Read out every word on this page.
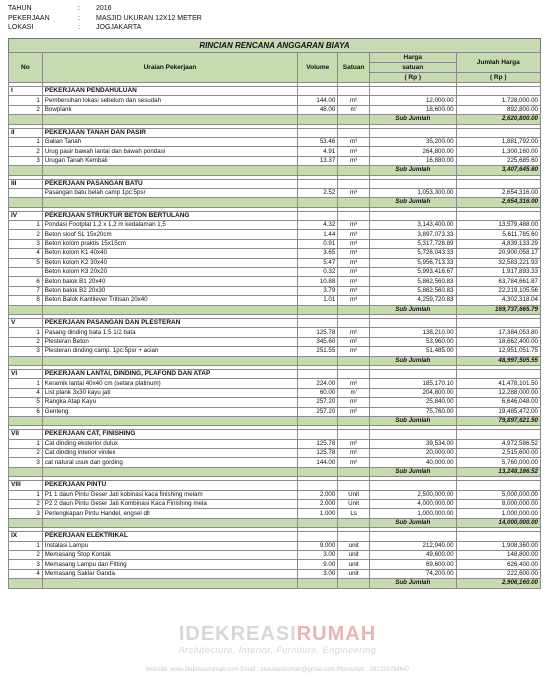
TAHUN	:	2016
PEKERJAAN	:	MASJID UKURAN 12X12 METER
LOKASI	:	JOGJAKARTA
RINCIAN RENCANA ANGGARAN BIAYA
No	Uraian Pekerjaan	Volume	Satuan	Harga	Jumlah Harga
				satuan	
				( Rp )	( Rp )

I	PEKERJAAN PENDAHULUAN				
1	Pembersihan lokasi sebelum dan sesudah	144.00	m²	12,000.00	1,728,000.00
2	Bowplank	48.00	m'	18,600.00	892,800.00
				Sub Jumlah	2,620,800.00

II	PEKERJAAN TANAH DAN PASIR				
1	Galian Tanah	53.46	m³	35,200.00	1,881,792.00
2	Urug pasir bawah lantai dan bawah pondasi	4.91	m³	264,800.00	1,300,160.00
3	Urugan Tanah Kembali	13.37	m³	16,880.00	225,685.60
				Sub Jumlah	3,407,645.60

III	PEKERJAAN PASANGAN BATU				
	Pasangan batu belah camp 1pc:5psr	2.52	m³	1,053,300.00	2,654,316.00
				Sub Jumlah	2,654,316.00

IV	PEKERJAAN STRUKTUR BETON BERTULANG				
1	Pondasi Footplat 1,2 x 1,2 m kedalaman 1,5	4.32	m³	3,143,400.00	13,579,488.00
2	Beton sloof SL 15x20cm	1.44	m³	3,897,073.33	5,611,785.60
3	Beton kolom praktis 15x15cm	0.91	m³	5,317,728.89	4,839,133.29
4	Beton kolom K1 40x40	3.65	m³	5,726,043.33	20,900,058.17
5	Beton kolom K2 30x40	5.47	m³	5,956,713.33	32,583,221.93
	Beton kolom K3 20x20	0.32	m³	5,993,416.67	1,917,893.33
6	Beton balok B1 20x40	10.88	m³	5,862,560.83	63,784,661.87
7	Beton balok B2 20x30	3.79	m³	5,862,560.83	22,219,105.56
8	Beton Balok Kantilever Tritisan 20x40	1.01	m³	4,259,720.83	4,302,318.04
				Sub Jumlah	169,737,665.79

V	PEKERJAAN PASANGAN DAN PLESTERAN				
1	Pasang dinding bata 1:5 1/2 bata	125.78	m²	138,210.00	17,384,053.80
2	Plesteran Beton	345.60	m²	53,960.00	18,662,400.00
3	Plesteran dinding camp. 1pc:5psr + acian	251.55	m²	51,485.00	12,951,051.75
				Sub Jumlah	48,997,505.55

VI	PEKERJAAN LANTAI, DINDING, PLAFOND DAN ATAP				
1	Keramik lantai 40x40 cm (setara platinum)	224.00	m²	185,170.10	41,478,101.50
4	List plank 3x30 kayu jati	60.00	m'	204,800.00	12,288,000.00
5	Rangka Atap Kayu	257.20	m²	25,840.00	6,646,048.00
6	Genteng	257.20	m²	75,760.00	19,485,472.00
				Sub Jumlah	79,897,621.50

VII	PEKERJAAN CAT, FINISHING				
1	Cat dinding eksterior dulux	125.78	m²	39,534.00	4,972,586.52
2	Cat dinding interior vinilex	125.78	m²	20,000.00	2,515,600.00
3	cat natural usuk dan gording	144.00	m²	40,000.00	5,760,000.00
				Sub Jumlah	13,248,186.52

VIII	PEKERJAAN PINTU				
1	P1 1 daun Pintu Geser Jati kobinasi kaca finishing melam	2.000	Unit	2,500,000.00	5,000,000.00
2	P2 2 daun Pintu Geser Jati Kombinasi Kaca Finishing mela	2.000	Unit	4,000,000.00	8,000,000.00
3	Perlengkapan Pintu Handel, engsel dll	1.000	Ls	1,000,000.00	1,000,000.00
				Sub Jumlah	14,000,000.00

IX	PEKERJAAN ELEKTRIKAL				
1	Instalasi Lampu	9.000	unit	212,040.00	1,908,360.00
2	Memasang Stop Kontak	3.00	unit	49,600.00	148,800.00
3	Memasang Lampu dan Fitting	9.00	unit	69,600.00	626,400.00
4	Memasang Saklar Ganda	3.00	unit	74,200.00	222,600.00
				Sub Jumlah	2,906,160.00
IDEKREASIRUMAH
Architecture, Interior, Furniture, Engineering
Website: www.idekreasirumah.com Email : idekreasirumah@gmail.com Phone/WA : 081328784647
